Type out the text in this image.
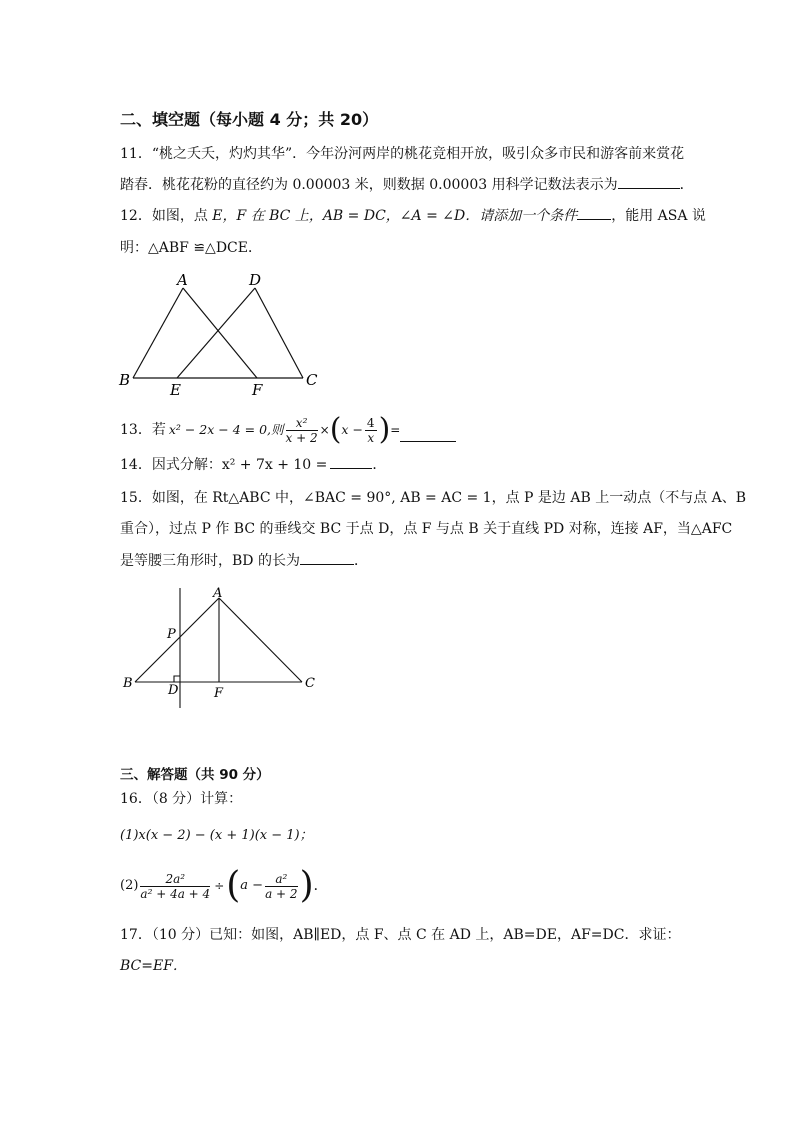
二、填空题（每小题 4 分；共 20）
11．“桃之夭夭，灼灼其华”．今年汾河两岸的桃花竞相开放，吸引众多市民和游客前来赏花
踏春．桃花花粉的直径约为 0.00003 米，则数据 0.00003 用科学记数法表示为	．
12．如图，点 E，F 在 BC 上，AB = DC，∠A = ∠D．请添加一个条件 ，能用 ASA 说
明：△ABF ≌△DCE．
A	D
B
E	F
C
13．若 x² − 2x − 4 = 0,则 $\frac{\text{x²}}{x + 2}$ × ( $x - \frac{4}{x}$ ) =
14．因式分解：x² + 7x + 10 =	．
15．如图，在 Rt△ABC 中，∠BAC = 90°, AB = AC = 1，点 P 是边 AB 上一动点（不与点 A、B
重合），过点 P 作 BC 的垂线交 BC 于点 D，点 F 与点 B 关于直线 PD 对称，连接 AF，当△AFC
是等腰三角形时，BD 的长为	．
A
P
B	D	F
C
三、解答题（共 90 分）
16．（8 分）计算：
(1)x(x − 2) − (x + 1)(x − 1)；
$(2) \frac{\text{2a²}}{\text{a² + 4a + 4}}$ ÷ ( $a - \frac{\text{a²}}{a + 2}$ ) ．
17．（10 分）已知：如图，AB∥ED，点 F、点 C 在 AD 上，AB=DE，AF=DC．求证：
BC=EF．
